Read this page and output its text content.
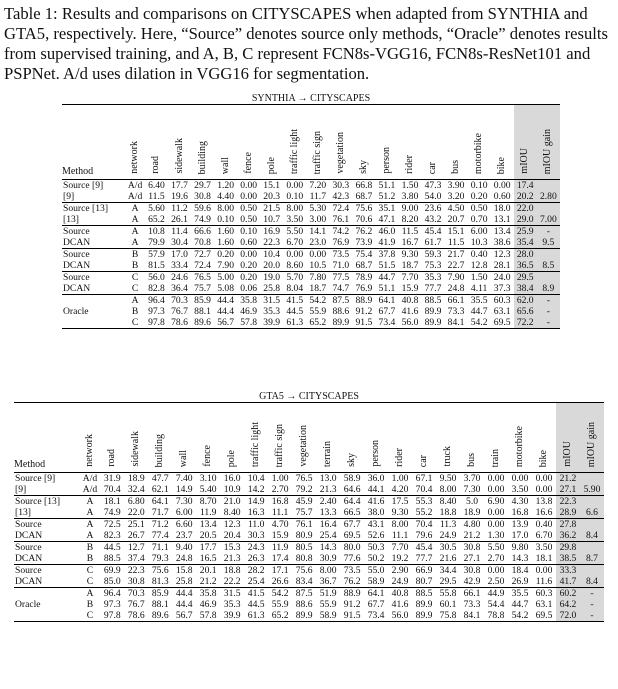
Table 1: Results and comparisons on CITYSCAPES when adapted from SYNTHIA and GTA5, respectively. Here, “Source” denotes source only methods, “Oracle” denotes results from supervised training, and A, B, C represent FCN8s-VGG16, FCN8s-ResNet101 and PSPNet. A/d uses dilation in VGG16 for segmentation.
SYNTHIA → CITYSCAPES																			
Method	network	road	sidewalk	building	wall	fence	pole	traffic light	traffic sign	vegetation	sky	person	rider	car	bus	motorbike	bike	mIOU	mIOU gain
Source [9]	A/d	6.40	17.7	29.7	1.20	0.00	15.1	0.00	7.20	30.3	66.8	51.1	1.50	47.3	3.90	0.10	0.00	17.4	
[9]	A/d	11.5	19.6	30.8	4.40	0.00	20.3	0.10	11.7	42.3	68.7	51.2	3.80	54.0	3.20	0.20	0.60	20.2	2.80
Source [13]	A	5.60	11.2	59.6	8.00	0.50	21.5	8.00	5.30	72.4	75.6	35.1	9.00	23.6	4.50	0.50	18.0	22.0	
[13]	A	65.2	26.1	74.9	0.10	0.50	10.7	3.50	3.00	76.1	70.6	47.1	8.20	43.2	20.7	0.70	13.1	29.0	7.00
Source	A	10.8	11.4	66.6	1.60	0.10	16.9	5.50	14.1	74.2	76.2	46.0	11.5	45.4	15.1	6.00	13.4	25.9	-
DCAN	A	79.9	30.4	70.8	1.60	0.60	22.3	6.70	23.0	76.9	73.9	41.9	16.7	61.7	11.5	10.3	38.6	35.4	9.5
Source	B	57.9	17.0	72.7	0.20	0.00	10.4	0.00	0.00	73.5	75.4	37.8	9.30	59.3	21.7	0.40	12.3	28.0	
DCAN	B	81.5	33.4	72.4	7.90	0.20	20.0	8.60	10.5	71.0	68.7	51.5	18.7	75.3	22.7	12.8	28.1	36.5	8.5
Source	C	56.0	24.6	76.5	5.00	0.20	19.0	5.70	7.80	77.5	78.9	44.7	7.70	35.3	7.90	1.50	24.0	29.5	
DCAN	C	82.8	36.4	75.7	5.08	0.06	25.8	8.04	18.7	74.7	76.9	51.1	15.9	77.7	24.8	4.11	37.3	38.4	8.9
	A	96.4	70.3	85.9	44.4	35.8	31.5	41.5	54.2	87.5	88.9	64.1	40.8	88.5	66.1	35.5	60.3	62.0	-
Oracle	B	97.3	76.7	88.1	44.4	46.9	35.3	44.5	55.9	88.6	91.2	67.7	41.6	89.9	73.3	44.7	63.1	65.6	-
	C	97.8	78.6	89.6	56.7	57.8	39.9	61.3	65.2	89.9	91.5	73.4	56.0	89.9	84.1	54.2	69.5	72.2	-
GTA5 → CITYSCAPES																						
Method	network	road	sidewalk	building	wall	fence	pole	traffic light	traffic sign	vegetation	terrain	sky	person	rider	car	truck	bus	train	motorbike	bike	mIOU	mIOU gain
Source [9]	A/d	31.9	18.9	47.7	7.40	3.10	16.0	10.4	1.00	76.5	13.0	58.9	36.0	1.00	67.1	9.50	3.70	0.00	0.00	0.00	21.2	
[9]	A/d	70.4	32.4	62.1	14.9	5.40	10.9	14.2	2.70	79.2	21.3	64.6	44.1	4.20	70.4	8.00	7.30	0.00	3.50	0.00	27.1	5.90
Source [13]	A	18.1	6.80	64.1	7.30	8.70	21.0	14.9	16.8	45.9	2.40	64.4	41.6	17.5	55.3	8.40	5.0	6.90	4.30	13.8	22.3	
[13]	A	74.9	22.0	71.7	6.00	11.9	8.40	16.3	11.1	75.7	13.3	66.5	38.0	9.30	55.2	18.8	18.9	0.00	16.8	16.6	28.9	6.6
Source	A	72.5	25.1	71.2	6.60	13.4	12.3	11.0	4.70	76.1	16.4	67.7	43.1	8.00	70.4	11.3	4.80	0.00	13.9	0.40	27.8	
DCAN	A	82.3	26.7	77.4	23.7	20.5	20.4	30.3	15.9	80.9	25.4	69.5	52.6	11.1	79.6	24.9	21.2	1.30	17.0	6.70	36.2	8.4
Source	B	44.5	12.7	71.1	9.40	17.7	15.3	24.3	11.9	80.5	14.3	80.0	50.3	7.70	45.4	30.5	30.8	5.50	9.80	3.50	29.8	
DCAN	B	88.5	37.4	79.3	24.8	16.5	21.3	26.3	17.4	80.8	30.9	77.6	50.2	19.2	77.7	21.6	27.1	2.70	14.3	18.1	38.5	8.7
Source	C	69.9	22.3	75.6	15.8	20.1	18.8	28.2	17.1	75.6	8.00	73.5	55.0	2.90	66.9	34.4	30.8	0.00	18.4	0.00	33.3	
DCAN	C	85.0	30.8	81.3	25.8	21.2	22.2	25.4	26.6	83.4	36.7	76.2	58.9	24.9	80.7	29.5	42.9	2.50	26.9	11.6	41.7	8.4
	A	96.4	70.3	85.9	44.4	35.8	31.5	41.5	54.2	87.5	51.9	88.9	64.1	40.8	88.5	55.8	66.1	44.9	35.5	60.3	60.2	-
Oracle	B	97.3	76.7	88.1	44.4	46.9	35.3	44.5	55.9	88.6	55.9	91.2	67.7	41.6	89.9	60.1	73.3	54.4	44.7	63.1	64.2	-
	C	97.8	78.6	89.6	56.7	57.8	39.9	61.3	65.2	89.9	58.9	91.5	73.4	56.0	89.9	75.8	84.1	78.8	54.2	69.5	72.0	-
